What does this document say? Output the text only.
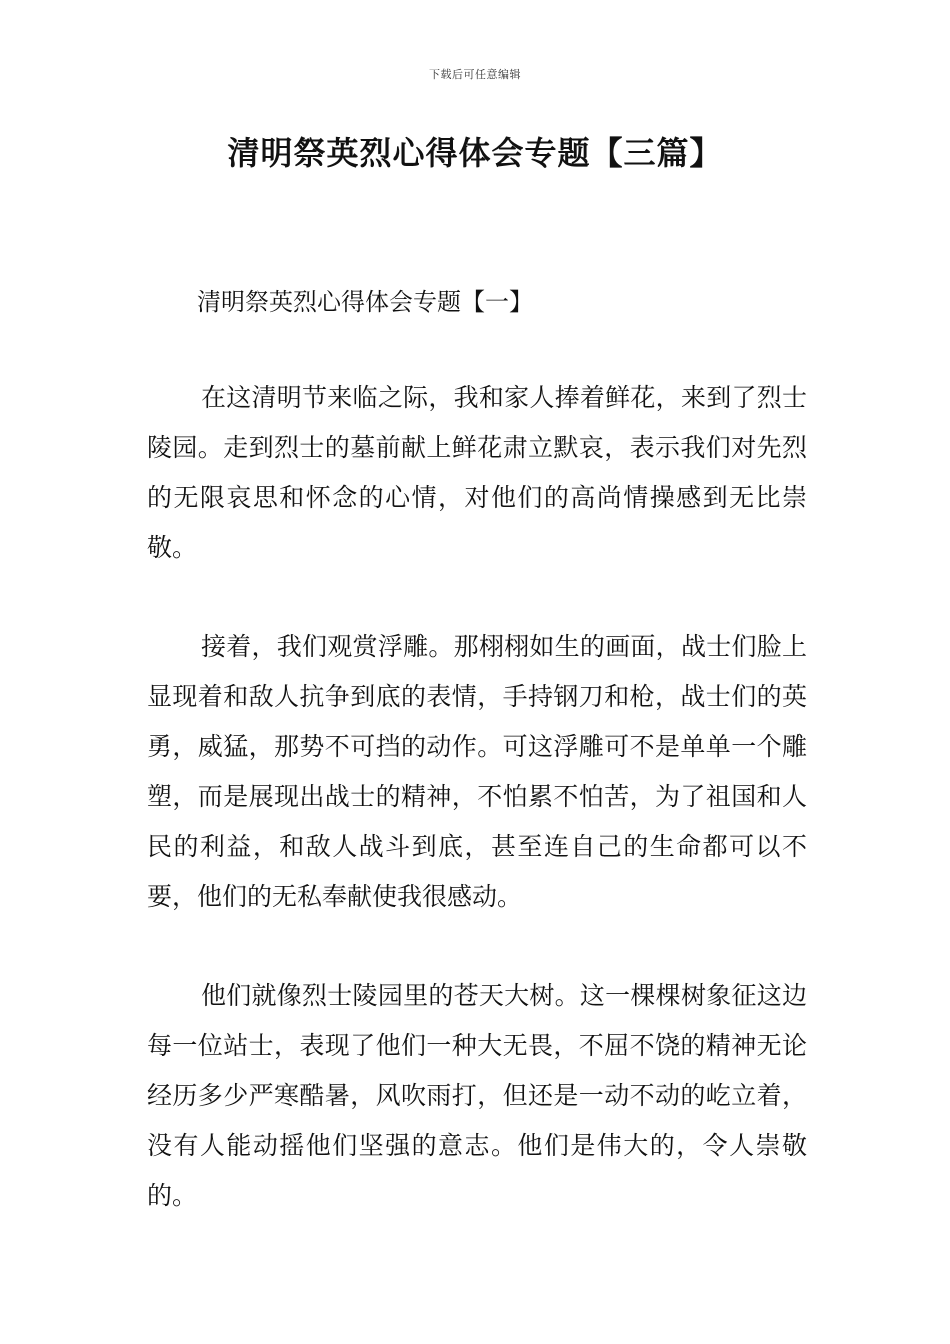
下载后可任意编辑
清明祭英烈心得体会专题【三篇】
清明祭英烈心得体会专题【一】

在这清明节来临之际，我和家人捧着鲜花，来到了烈士陵园。走到烈士的墓前献上鲜花肃立默哀，表示我们对先烈的无限哀思和怀念的心情，对他们的高尚情操感到无比崇敬。

接着，我们观赏浮雕。那栩栩如生的画面，战士们脸上显现着和敌人抗争到底的表情，手持钢刀和枪，战士们的英勇，威猛，那势不可挡的动作。可这浮雕可不是单单一个雕塑，而是展现出战士的精神，不怕累不怕苦，为了祖国和人民的利益，和敌人战斗到底，甚至连自己的生命都可以不要，他们的无私奉献使我很感动。

他们就像烈士陵园里的苍天大树。这一棵棵树象征这边每一位站士，表现了他们一种大无畏，不屈不饶的精神无论经历多少严寒酷暑，风吹雨打，但还是一动不动的屹立着，没有人能动摇他们坚强的意志。他们是伟大的，令人崇敬的。
